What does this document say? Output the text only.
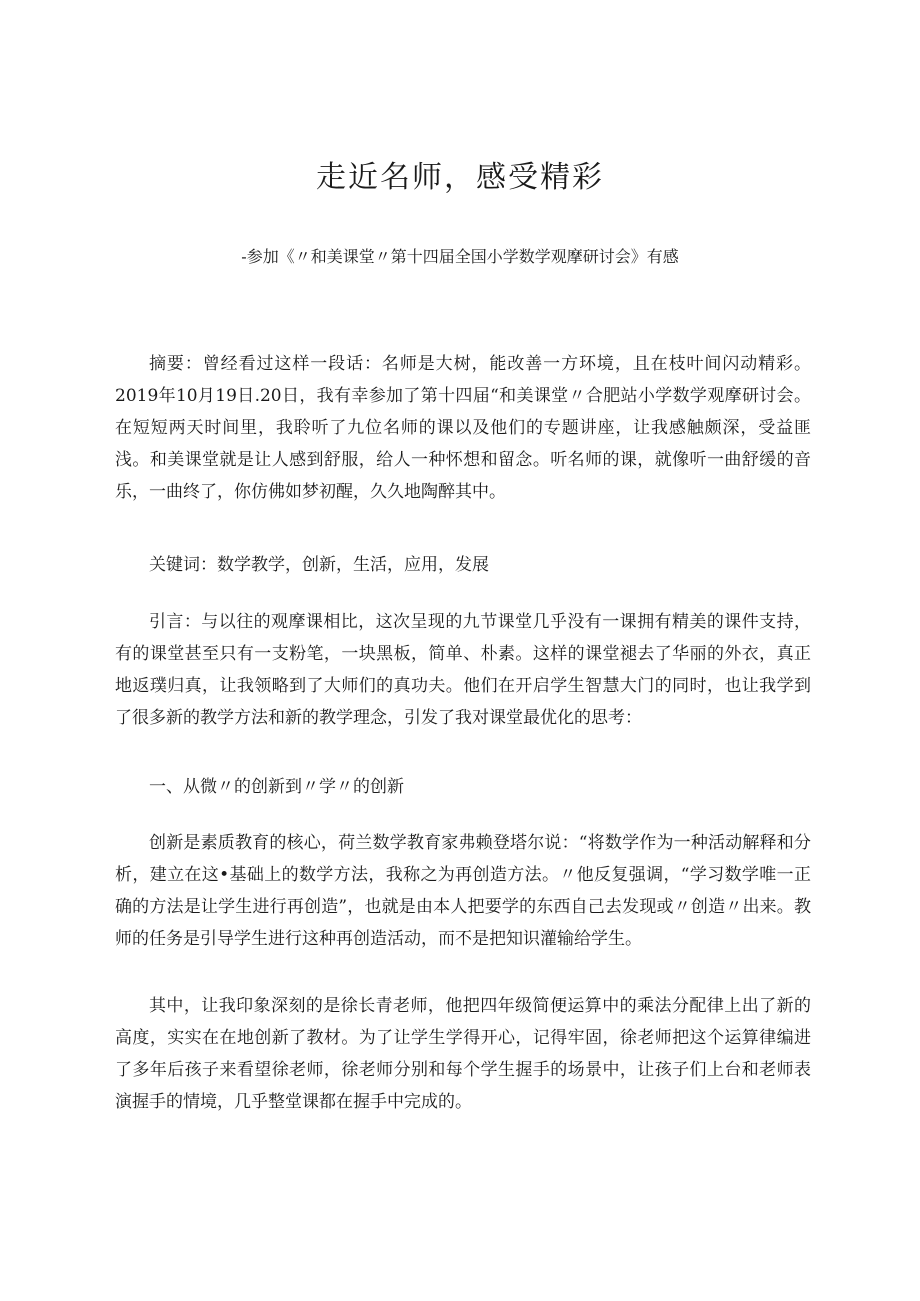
走近名师，感受精彩

-参加《〃和美课堂〃第十四届全国小学数学观摩研讨会》有感

摘要：曾经看过这样一段话：名师是大树，能改善一方环境，且在枝叶间闪动精彩。2019年10月19日.20日，我有幸参加了第十四届“和美课堂〃合肥站小学数学观摩研讨会。在短短两天时间里，我聆听了九位名师的课以及他们的专题讲座，让我感触颇深，受益匪浅。和美课堂就是让人感到舒服，给人一种怀想和留念。听名师的课，就像听一曲舒缓的音乐，一曲终了，你仿佛如梦初醒，久久地陶醉其中。

关键词：数学教学，创新，生活，应用，发展

引言：与以往的观摩课相比，这次呈现的九节课堂几乎没有一课拥有精美的课件支持，有的课堂甚至只有一支粉笔，一块黑板，简单、朴素。这样的课堂褪去了华丽的外衣，真正地返璞归真，让我领略到了大师们的真功夫。他们在开启学生智慧大门的同时，也让我学到了很多新的教学方法和新的教学理念，引发了我对课堂最优化的思考：

一、从微〃的创新到〃学〃的创新

创新是素质教育的核心，荷兰数学教育家弗赖登塔尔说：“将数学作为一种活动解释和分析，建立在这•基础上的数学方法，我称之为再创造方法。〃他反复强调，“学习数学唯一正确的方法是让学生进行再创造”，也就是由本人把要学的东西自己去发现或〃创造〃出来。教师的任务是引导学生进行这种再创造活动，而不是把知识灌输给学生。

其中，让我印象深刻的是徐长青老师，他把四年级简便运算中的乘法分配律上出了新的高度，实实在在地创新了教材。为了让学生学得开心，记得牢固，徐老师把这个运算律编进了多年后孩子来看望徐老师，徐老师分别和每个学生握手的场景中，让孩子们上台和老师表演握手的情境，几乎整堂课都在握手中完成的。
